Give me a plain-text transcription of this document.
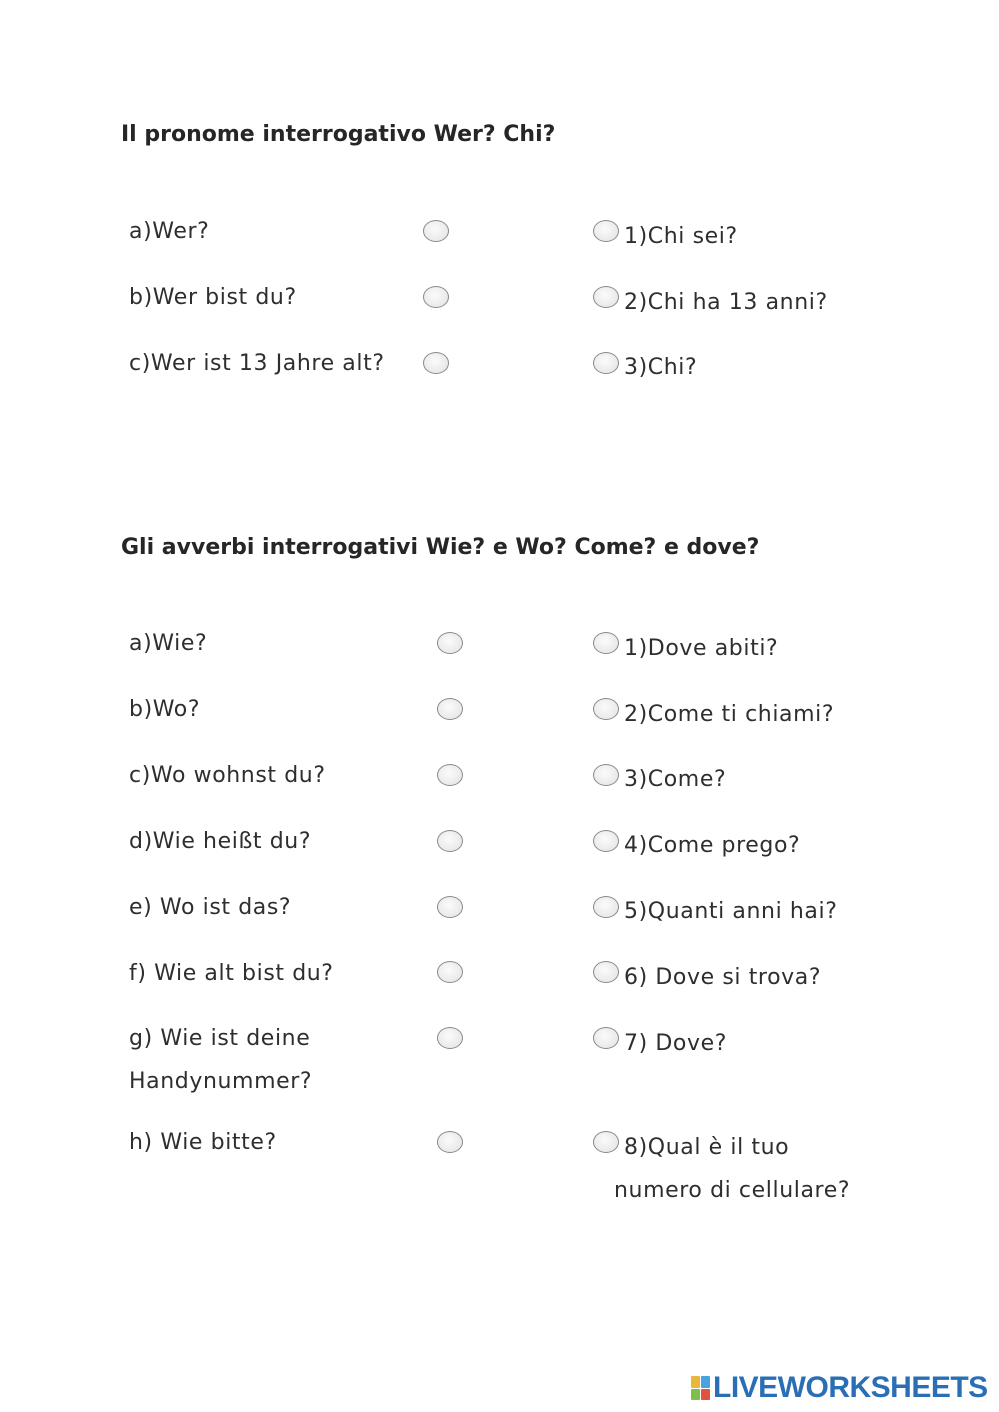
Il pronome interrogativo Wer? Chi?
a)Wer?
b)Wer bist du?
c)Wer ist 13 Jahre alt?
1)Chi sei?
2)Chi ha 13 anni?
3)Chi?
Gli avverbi interrogativi Wie? e Wo? Come? e dove?
a)Wie?
b)Wo?
c)Wo wohnst du?
d)Wie heißt du?
e) Wo ist das?
f) Wie alt bist du?
g) Wie ist deine
Handynummer?
h) Wie bitte?
1)Dove abiti?
2)Come ti chiami?
3)Come?
4)Come prego?
5)Quanti anni hai?
6) Dove si trova?
7) Dove?
8)Qual è il tuo
numero di cellulare?
LIVEWORKSHEETS
